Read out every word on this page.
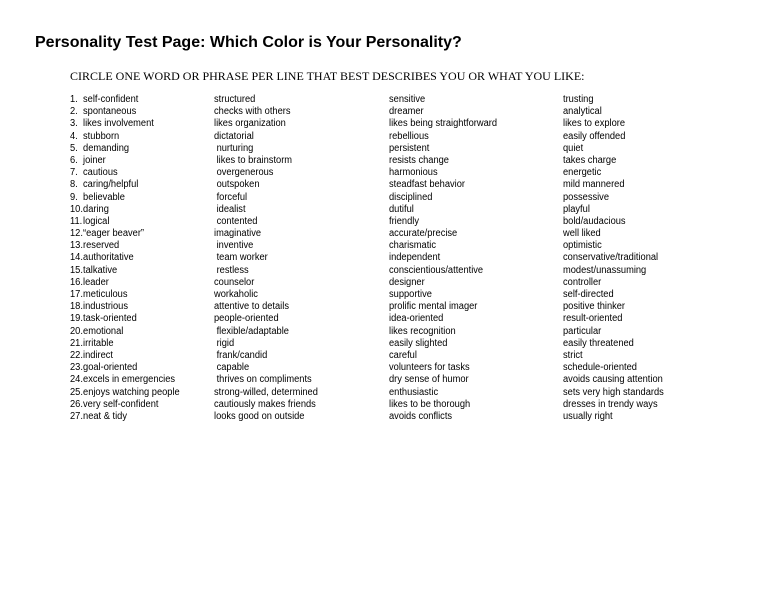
Personality Test Page: Which Color is Your Personality?
CIRCLE ONE WORD OR PHRASE PER LINE THAT BEST DESCRIBES YOU OR WHAT YOU LIKE:
1. self-confident
2. spontaneous
3. likes involvement
4. stubborn
5. demanding
6. joiner
7. cautious
8. caring/helpful
9. believable
10.daring
11.logical
12.“eager beaver”
13.reserved
14.authoritative
15.talkative
16.leader
17.meticulous
18.industrious
19.task-oriented
20.emotional
21.irritable
22.indirect
23.goal-oriented
24.excels in emergencies
25.enjoys watching people
26.very self-confident
27.neat & tidy
structured
checks with others
likes organization
dictatorial
nurturing
likes to brainstorm
overgenerous
outspoken
forceful
idealist
contented
imaginative
inventive
team worker
restless
counselor
workaholic
attentive to details
people-oriented
flexible/adaptable
rigid
frank/candid
capable
thrives on compliments
strong-willed, determined
cautiously makes friends
looks good on outside
sensitive
dreamer
likes being straightforward
rebellious
persistent
resists change
harmonious
steadfast behavior
disciplined
dutiful
friendly
accurate/precise
charismatic
independent
conscientious/attentive
designer
supportive
prolific mental imager
idea-oriented
likes recognition
easily slighted
careful
volunteers for tasks
dry sense of humor
enthusiastic
likes to be thorough
avoids conflicts
trusting
analytical
likes to explore
easily offended
quiet
takes charge
energetic
mild mannered
possessive
playful
bold/audacious
well liked
optimistic
conservative/traditional
modest/unassuming
controller
self-directed
positive thinker
result-oriented
particular
easily threatened
strict
schedule-oriented
avoids causing attention
sets very high standards
dresses in trendy ways
usually right
